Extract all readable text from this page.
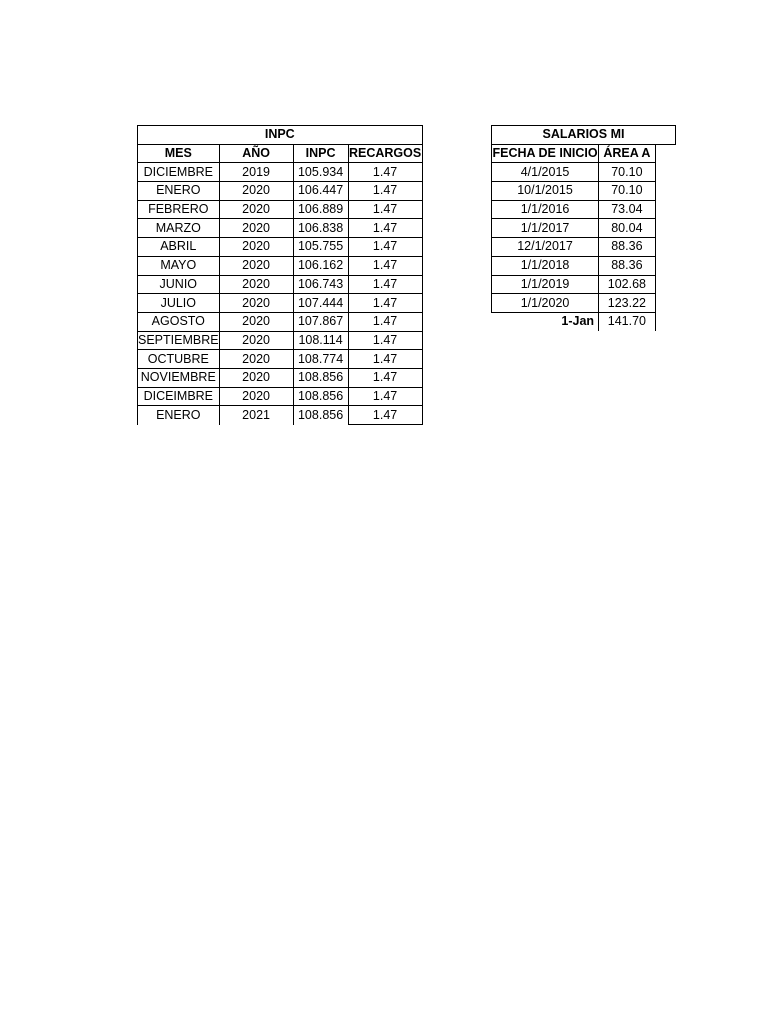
INPC			
MES	AÑO	INPC	RECARGOS
DICIEMBRE	2019	105.934	1.47
ENERO	2020	106.447	1.47
FEBRERO	2020	106.889	1.47
MARZO	2020	106.838	1.47
ABRIL	2020	105.755	1.47
MAYO	2020	106.162	1.47
JUNIO	2020	106.743	1.47
JULIO	2020	107.444	1.47
AGOSTO	2020	107.867	1.47
SEPTIEMBRE	2020	108.114	1.47
OCTUBRE	2020	108.774	1.47
NOVIEMBRE	2020	108.856	1.47
DICEIMBRE	2020	108.856	1.47
ENERO	2021	108.856	1.47
SALARIOS MI		
FECHA DE INICIO	ÁREA A	
4/1/2015	70.10	
10/1/2015	70.10	
1/1/2016	73.04	
1/1/2017	80.04	
12/1/2017	88.36	
1/1/2018	88.36	
1/1/2019	102.68	
1/1/2020	123.22	
1-Jan	141.70	
